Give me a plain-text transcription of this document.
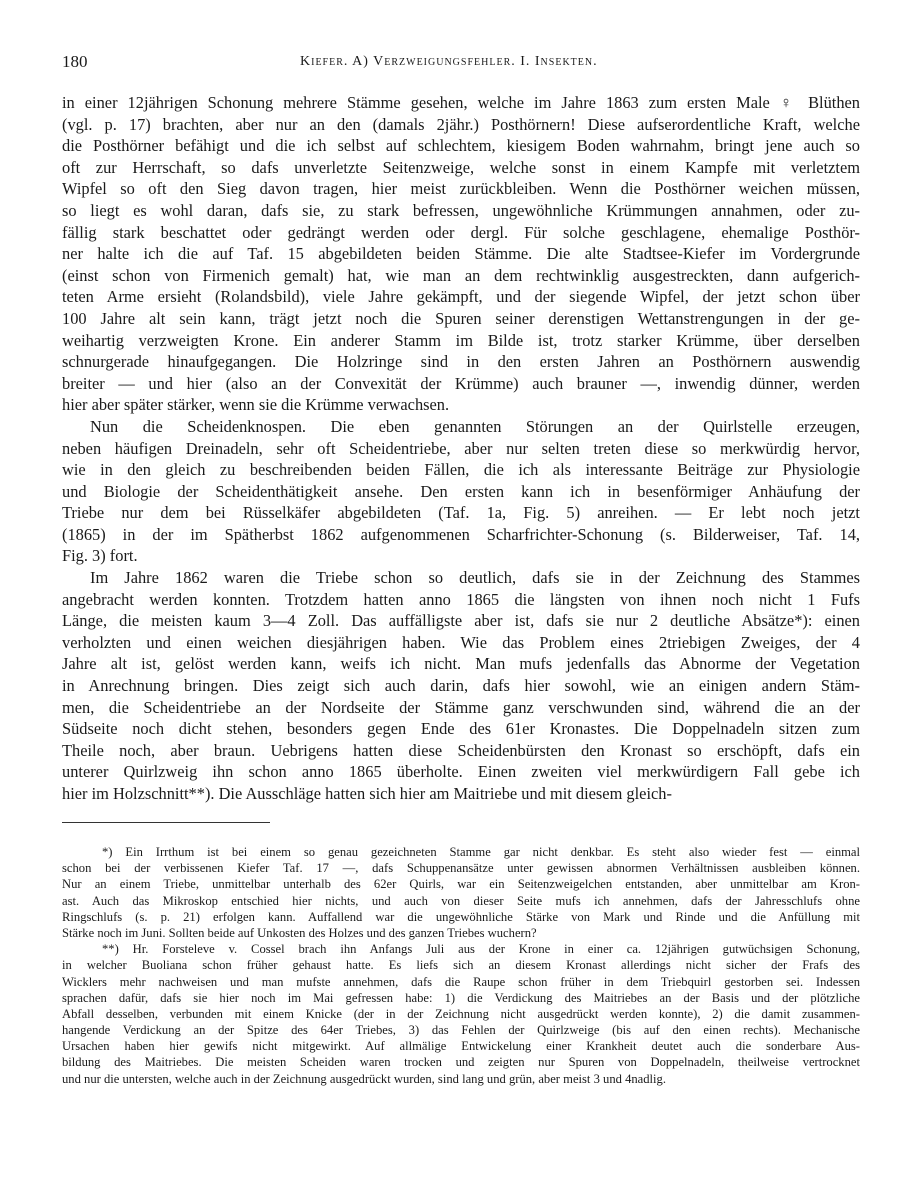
180	Kiefer. A) Verzweigungsfehler. I. Insekten.
in einer 12jährigen Schonung mehrere Stämme gesehen, welche im Jahre 1863 zum ersten Male ♀ Blüthen
(vgl. p. 17) brachten, aber nur an den (damals 2jähr.) Posthörnern! Diese aufserordentliche Kraft, welche
die Posthörner befähigt und die ich selbst auf schlechtem, kiesigem Boden wahrnahm, bringt jene auch so
oft zur Herrschaft, so dafs unverletzte Seitenzweige, welche sonst in einem Kampfe mit verletztem
Wipfel so oft den Sieg davon tragen, hier meist zurückbleiben. Wenn die Posthörner weichen müssen,
so liegt es wohl daran, dafs sie, zu stark befressen, ungewöhnliche Krümmungen annahmen, oder zu-
fällig stark beschattet oder gedrängt werden oder dergl. Für solche geschlagene, ehemalige Posthör-
ner halte ich die auf Taf. 15 abgebildeten beiden Stämme. Die alte Stadtsee-Kiefer im Vordergrunde
(einst schon von Firmenich gemalt) hat, wie man an dem rechtwinklig ausgestreckten, dann aufgerich-
teten Arme ersieht (Rolandsbild), viele Jahre gekämpft, und der siegende Wipfel, der jetzt schon über
100 Jahre alt sein kann, trägt jetzt noch die Spuren seiner derenstigen Wettanstrengungen in der ge-
weihartig verzweigten Krone. Ein anderer Stamm im Bilde ist, trotz starker Krümme, über derselben
schnurgerade hinaufgegangen. Die Holzringe sind in den ersten Jahren an Posthörnern auswendig
breiter — und hier (also an der Convexität der Krümme) auch brauner —, inwendig dünner, werden
hier aber später stärker, wenn sie die Krümme verwachsen.
Nun die Scheidenknospen. Die eben genannten Störungen an der Quirlstelle erzeugen,
neben häufigen Dreinadeln, sehr oft Scheidentriebe, aber nur selten treten diese so merkwürdig hervor,
wie in den gleich zu beschreibenden beiden Fällen, die ich als interessante Beiträge zur Physiologie
und Biologie der Scheidenthätigkeit ansehe. Den ersten kann ich in besenförmiger Anhäufung der
Triebe nur dem bei Rüsselkäfer abgebildeten (Taf. 1a, Fig. 5) anreihen. — Er lebt noch jetzt
(1865) in der im Spätherbst 1862 aufgenommenen Scharfrichter-Schonung (s. Bilderweiser, Taf. 14,
Fig. 3) fort.
Im Jahre 1862 waren die Triebe schon so deutlich, dafs sie in der Zeichnung des Stammes
angebracht werden konnten. Trotzdem hatten anno 1865 die längsten von ihnen noch nicht 1 Fufs
Länge, die meisten kaum 3—4 Zoll. Das auffälligste aber ist, dafs sie nur 2 deutliche Absätze*): einen
verholzten und einen weichen diesjährigen haben. Wie das Problem eines 2triebigen Zweiges, der 4
Jahre alt ist, gelöst werden kann, weifs ich nicht. Man mufs jedenfalls das Abnorme der Vegetation
in Anrechnung bringen. Dies zeigt sich auch darin, dafs hier sowohl, wie an einigen andern Stäm-
men, die Scheidentriebe an der Nordseite der Stämme ganz verschwunden sind, während die an der
Südseite noch dicht stehen, besonders gegen Ende des 61er Kronastes. Die Doppelnadeln sitzen zum
Theile noch, aber braun. Uebrigens hatten diese Scheidenbürsten den Kronast so erschöpft, dafs ein
unterer Quirlzweig ihn schon anno 1865 überholte. Einen zweiten viel merkwürdigern Fall gebe ich
hier im Holzschnitt**). Die Ausschläge hatten sich hier am Maitriebe und mit diesem gleich-
*) Ein Irrthum ist bei einem so genau gezeichneten Stamme gar nicht denkbar. Es steht also wieder fest — einmal
schon bei der verbissenen Kiefer Taf. 17 —, dafs Schuppenansätze unter gewissen abnormen Verhältnissen ausbleiben können.
Nur an einem Triebe, unmittelbar unterhalb des 62er Quirls, war ein Seitenzweigelchen entstanden, aber unmittelbar am Kron-
ast. Auch das Mikroskop entschied hier nichts, und auch von dieser Seite mufs ich annehmen, dafs der Jahresschlufs ohne
Ringschlufs (s. p. 21) erfolgen kann. Auffallend war die ungewöhnliche Stärke von Mark und Rinde und die Anfüllung mit
Stärke noch im Juni. Sollten beide auf Unkosten des Holzes und des ganzen Triebes wuchern?
**) Hr. Forsteleve v. Cossel brach ihn Anfangs Juli aus der Krone in einer ca. 12jährigen gutwüchsigen Schonung,
in welcher Buoliana schon früher gehaust hatte. Es liefs sich an diesem Kronast allerdings nicht sicher der Frafs des
Wicklers mehr nachweisen und man mufste annehmen, dafs die Raupe schon früher in dem Triebquirl gestorben sei. Indessen
sprachen dafür, dafs sie hier noch im Mai gefressen habe: 1) die Verdickung des Maitriebes an der Basis und der plötzliche
Abfall desselben, verbunden mit einem Knicke (der in der Zeichnung nicht ausgedrückt werden konnte), 2) die damit zusammen-
hangende Verdickung an der Spitze des 64er Triebes, 3) das Fehlen der Quirlzweige (bis auf den einen rechts). Mechanische
Ursachen haben hier gewifs nicht mitgewirkt. Auf allmälige Entwickelung einer Krankheit deutet auch die sonderbare Aus-
bildung des Maitriebes. Die meisten Scheiden waren trocken und zeigten nur Spuren von Doppelnadeln, theilweise vertrocknet
und nur die untersten, welche auch in der Zeichnung ausgedrückt wurden, sind lang und grün, aber meist 3 und 4nadlig.
